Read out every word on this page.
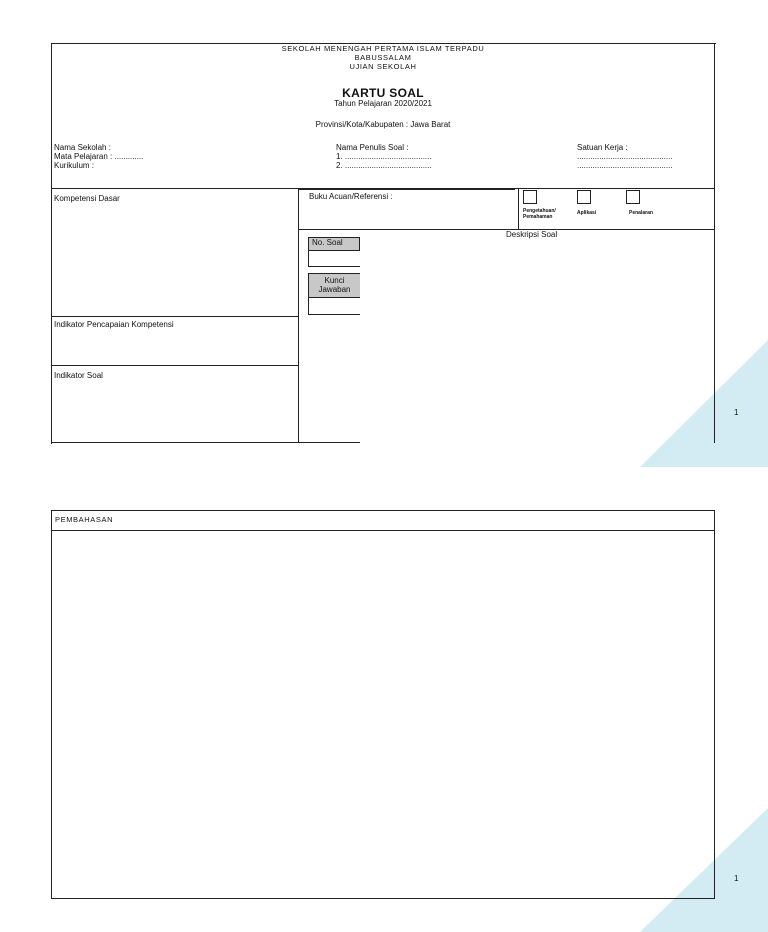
SEKOLAH MENENGAH PERTAMA ISLAM TERPADU
BABUSSALAM
UJIAN SEKOLAH
KARTU SOAL
Tahun Pelajaran 2020/2021
Provinsi/Kota/Kabupaten : Jawa Barat
Nama Sekolah :
Mata Pelajaran : .............
Kurikulum :
Nama Penulis Soal :
1. .......................................
2. .......................................
Satuan Kerja :
...........................................
...........................................
Kompetensi Dasar
Indikator Pencapaian Kompetensi
Indikator Soal
Buku Acuan/Referensi :
Deskripsi Soal
Pengetahuan/
Pemahaman
Aplikasi	Penalaran
No. Soal
Kunci
Jawaban
1
PEMBAHASAN
1
